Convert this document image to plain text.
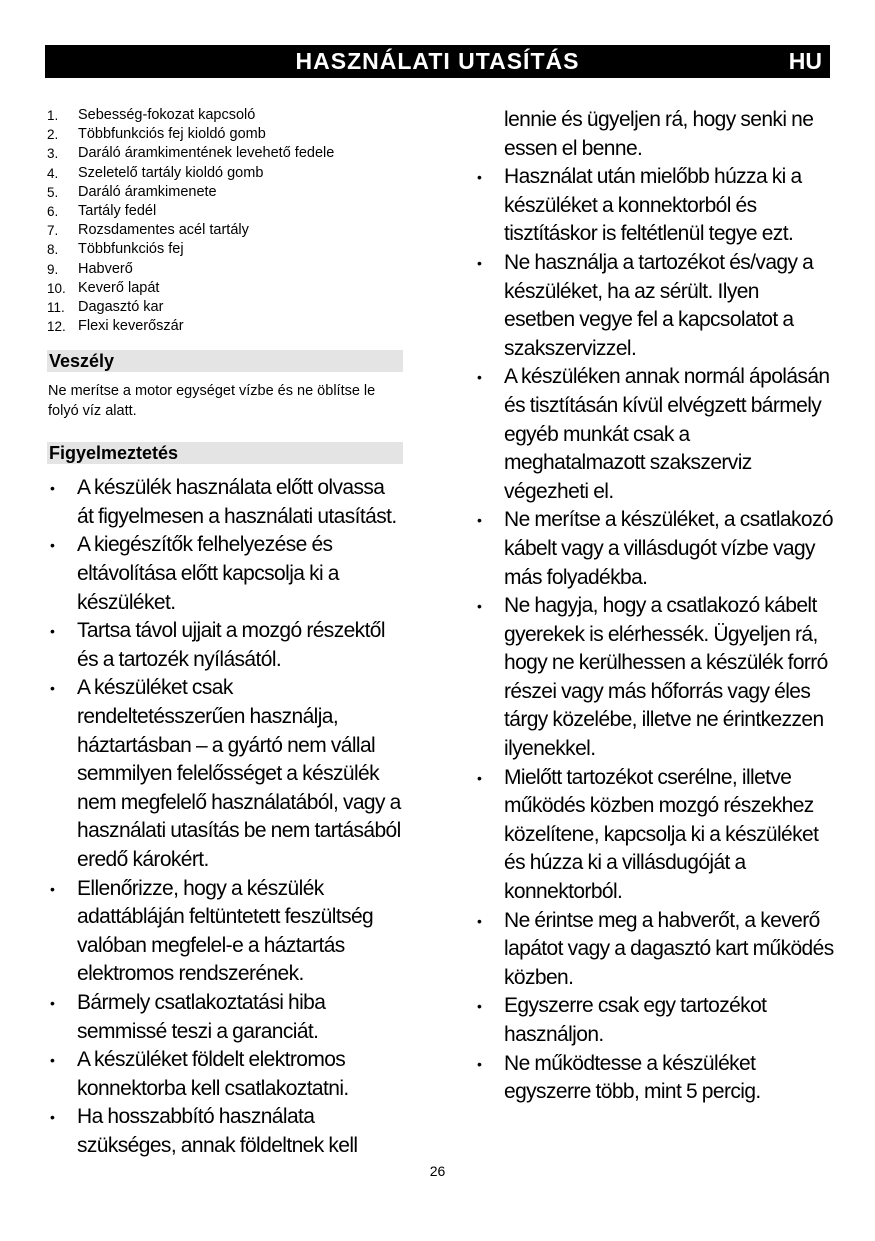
HASZNÁLATI UTASÍTÁS	HU
1.	Sebesség-fokozat kapcsoló
2.	Többfunkciós fej kioldó gomb
3.	Daráló áramkimentének levehető fedele
4.	Szeletelő tartály kioldó gomb
5.	Daráló áramkimenete
6.	Tartály fedél
7.	Rozsdamentes acél tartály
8.	Többfunkciós fej
9.	Habverő
10. Keverő lapát
11. Dagasztó kar
12. Flexi keverőszár
Veszély
Ne merítse a motor egységet vízbe és ne öblítse le folyó víz alatt.
Figyelmeztetés
• A készülék használata előtt olvassa át figyelmesen a használati utasítást.
• A kiegészítők felhelyezése és eltávolítása előtt kapcsolja ki a készüléket.
• Tartsa távol ujjait a mozgó részektől és a tartozék nyílásától.
• A készüléket csak rendeltetésszerűen használja, háztartásban – a gyártó nem vállal semmilyen felelősséget a készülék nem megfelelő használatából, vagy a használati utasítás be nem tartásából eredő károkért.
• Ellenőrizze, hogy a készülék adattábláján feltüntetett feszültség valóban megfelel-e a háztartás elektromos rendszerének.
• Bármely csatlakoztatási hiba semmissé teszi a garanciát.
• A készüléket földelt elektromos konnektorba kell csatlakoztatni.
• Ha hosszabbító használata szükséges, annak földeltnek kell
lennie és ügyeljen rá, hogy senki ne essen el benne.
• Használat után mielőbb húzza ki a készüléket a konnektorból és tisztításkor is feltétlenül tegye ezt.
• Ne használja a tartozékot és/vagy a készüléket, ha az sérült. Ilyen esetben vegye fel a kapcsolatot a szakszervizzel.
• A készüléken annak normál ápolásán és tisztításán kívül elvégzett bármely egyéb munkát csak a meghatalmazott szakszerviz végezheti el.
• Ne merítse a készüléket, a csatlakozó kábelt vagy a villásdugót vízbe vagy más folyadékba.
• Ne hagyja, hogy a csatlakozó kábelt gyerekek is elérhessék. Ügyeljen rá, hogy ne kerülhessen a készülék forró részei vagy más hőforrás vagy éles tárgy közelébe, illetve ne érintkezzen ilyenekkel.
• Mielőtt tartozékot cserélne, illetve működés közben mozgó részekhez közelítene, kapcsolja ki a készüléket és húzza ki a villásdugóját a konnektorból.
• Ne érintse meg a habverőt, a keverő lapátot vagy a dagasztó kart működés közben.
• Egyszerre csak egy tartozékot használjon.
• Ne működtesse a készüléket egyszerre több, mint 5 percig.
26
